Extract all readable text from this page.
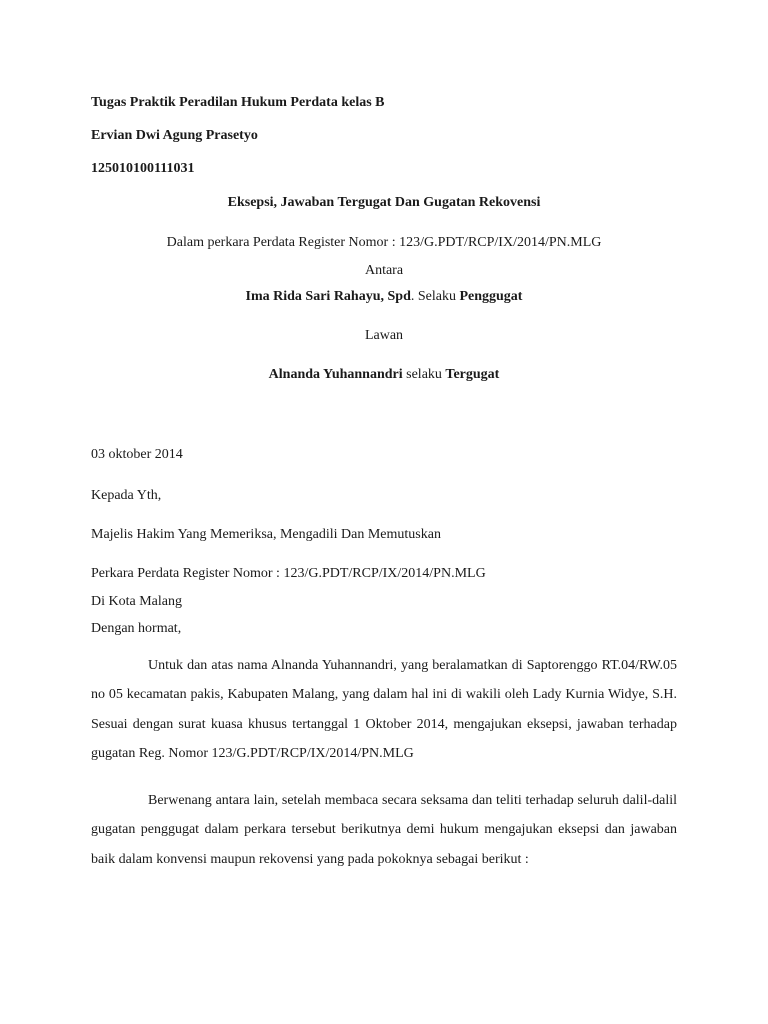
Tugas Praktik Peradilan Hukum Perdata kelas B
Ervian Dwi Agung Prasetyo
125010100111031
Eksepsi, Jawaban Tergugat Dan Gugatan Rekovensi
Dalam perkara Perdata Register Nomor : 123/G.PDT/RCP/IX/2014/PN.MLG
Antara
Ima Rida Sari Rahayu, Spd. Selaku Penggugat
Lawan
Alnanda Yuhannandri selaku Tergugat
03 oktober 2014
Kepada Yth,
Majelis Hakim Yang Memeriksa, Mengadili Dan Memutuskan
Perkara Perdata Register Nomor : 123/G.PDT/RCP/IX/2014/PN.MLG
Di Kota Malang
Dengan hormat,

Untuk dan atas nama Alnanda Yuhannandri, yang beralamatkan di Saptorenggo RT.04/RW.05 no 05 kecamatan pakis, Kabupaten Malang, yang dalam hal ini di wakili oleh Lady Kurnia Widye, S.H. Sesuai dengan surat kuasa khusus tertanggal 1 Oktober 2014, mengajukan eksepsi, jawaban terhadap gugatan Reg. Nomor 123/G.PDT/RCP/IX/2014/PN.MLG

Berwenang antara lain, setelah membaca secara seksama dan teliti terhadap seluruh dalil-dalil gugatan penggugat dalam perkara tersebut berikutnya demi hukum mengajukan eksepsi dan jawaban baik dalam konvensi maupun rekovensi yang pada pokoknya sebagai berikut :
